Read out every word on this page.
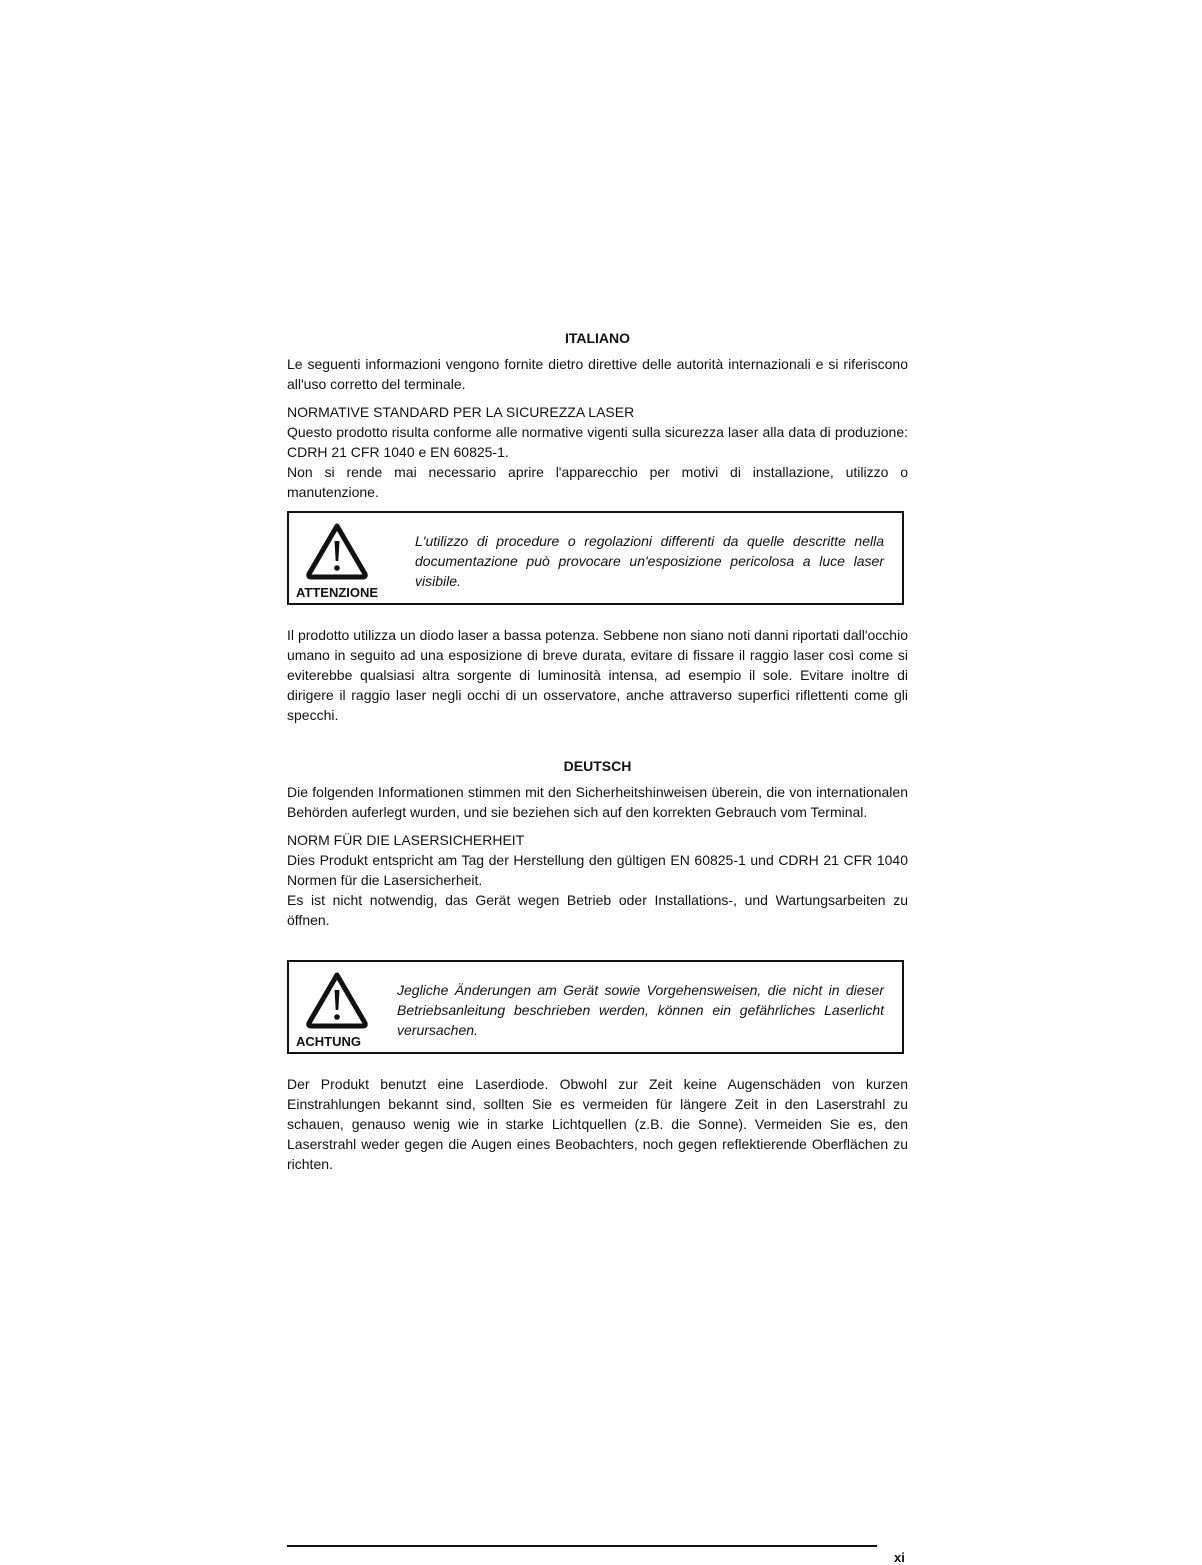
ITALIANO

Le seguenti informazioni vengono fornite dietro direttive delle autorità internazionali e si riferiscono all'uso corretto del terminale.

NORMATIVE STANDARD PER LA SICUREZZA LASER

Questo prodotto risulta conforme alle normative vigenti sulla sicurezza laser alla data di produzione: CDRH 21 CFR 1040 e EN 60825-1.

Non si rende mai necessario aprire l'apparecchio per motivi di installazione, utilizzo o manutenzione.

ATTENZIONE
L'utilizzo di procedure o regolazioni differenti da quelle descritte nella documentazione può provocare un'esposizione pericolosa a luce laser visibile.

Il prodotto utilizza un diodo laser a bassa potenza. Sebbene non siano noti danni riportati dall'occhio umano in seguito ad una esposizione di breve durata, evitare di fissare il raggio laser così come si eviterebbe qualsiasi altra sorgente di luminosità intensa, ad esempio il sole. Evitare inoltre di dirigere il raggio laser negli occhi di un osservatore, anche attraverso superfici riflettenti come gli specchi.

DEUTSCH

Die folgenden Informationen stimmen mit den Sicherheitshinweisen überein, die von internationalen Behörden auferlegt wurden, und sie beziehen sich auf den korrekten Gebrauch vom Terminal.

NORM FÜR DIE LASERSICHERHEIT

Dies Produkt entspricht am Tag der Herstellung den gültigen EN 60825-1 und CDRH 21 CFR 1040 Normen für die Lasersicherheit.

Es ist nicht notwendig, das Gerät wegen Betrieb oder Installations-, und Wartungsarbeiten zu öffnen.

ACHTUNG
Jegliche Änderungen am Gerät sowie Vorgehensweisen, die nicht in dieser Betriebsanleitung beschrieben werden, können ein gefährliches Laserlicht verursachen.

Der Produkt benutzt eine Laserdiode. Obwohl zur Zeit keine Augenschäden von kurzen Einstrahlungen bekannt sind, sollten Sie es vermeiden für längere Zeit in den Laserstrahl zu schauen, genauso wenig wie in starke Lichtquellen (z.B. die Sonne). Vermeiden Sie es, den Laserstrahl weder gegen die Augen eines Beobachters, noch gegen reflektierende Oberflächen zu richten.

xi
